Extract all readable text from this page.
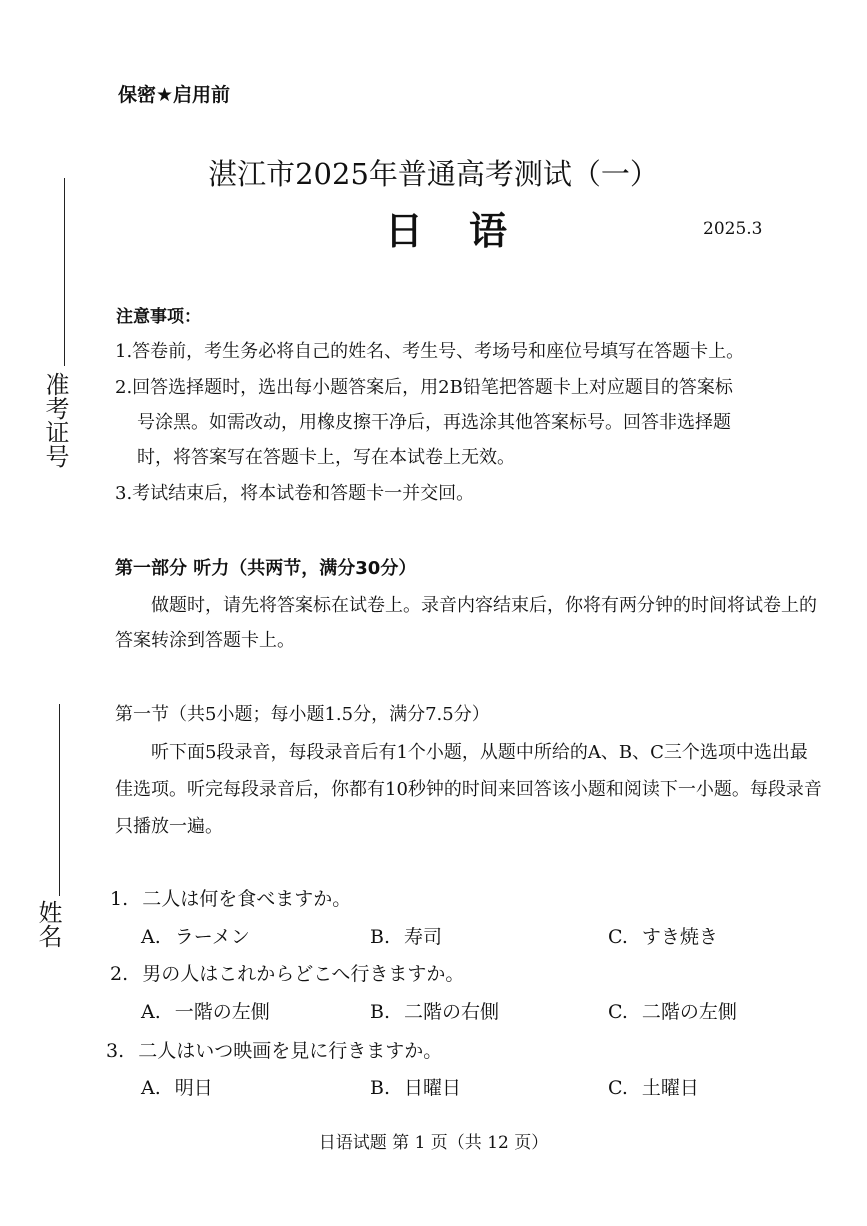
保密★启用前
湛江市2025年普通高考测试（一）
日语	2025.3
准考证号
姓名
注意事项：
1.答卷前，考生务必将自己的姓名、考生号、考场号和座位号填写在答题卡上。
2.回答选择题时，选出每小题答案后，用2B铅笔把答题卡上对应题目的答案标
号涂黑。如需改动，用橡皮擦干净后，再选涂其他答案标号。回答非选择题
时，将答案写在答题卡上，写在本试卷上无效。
3.考试结束后，将本试卷和答题卡一并交回。
第一部分 听力（共两节，满分30分）
做题时，请先将答案标在试卷上。录音内容结束后，你将有两分钟的时间将试卷上的答案转涂到答题卡上。
第一节（共5小题；每小题1.5分，满分7.5分）
听下面5段录音，每段录音后有1个小题，从题中所给的A、B、C三个选项中选出最佳选项。听完每段录音后，你都有10秒钟的时间来回答该小题和阅读下一小题。每段录音只播放一遍。
1. 二人は何を食べますか。
A. ラーメン	B. 寿司	C. すき焼き
2. 男の人はこれからどこへ行きますか。
A. 一階の左側	B. 二階の右側	C. 二階の左側
3. 二人はいつ映画を見に行きますか。
A. 明日	B. 日曜日	C. 土曜日
日语试题 第 1 页（共 12 页）
